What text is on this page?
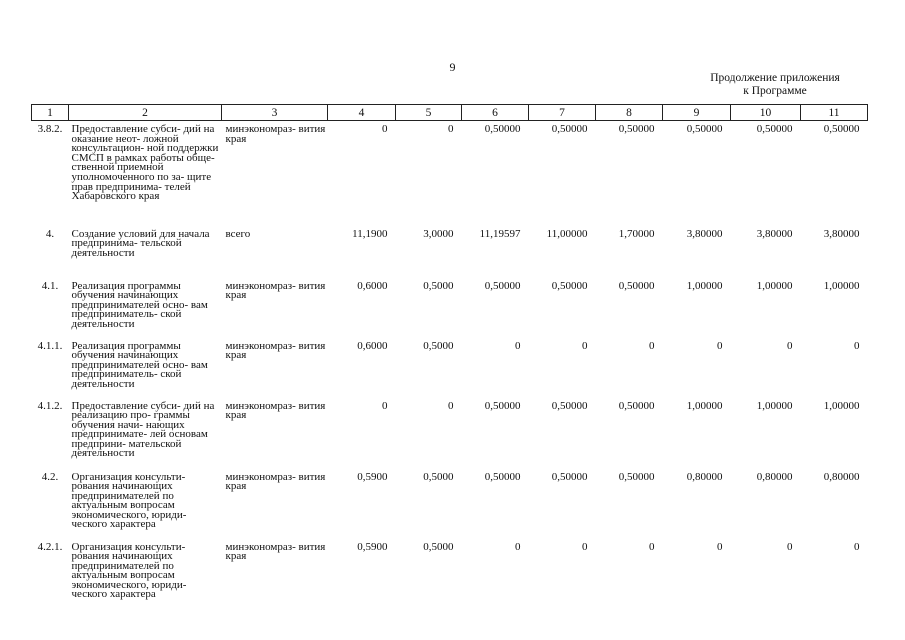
9
Продолжение приложения
к Программе
1	2	3	4	5	6	7	8	9	10	11
3.8.2.	Предоставление субси- дий на оказание неот- ложной консультацион- ной поддержки СМСП в рамках работы обще- ственной приемной уполномоченного по за- щите прав предпринима- телей Хабаровского края	минэкономраз- вития края	0	0	0,50000	0,50000	0,50000	0,50000	0,50000	0,50000
4.	Создание условий для начала предпринима- тельской деятельности	всего	11,1900	3,0000	11,19597	11,00000	1,70000	3,80000	3,80000	3,80000
4.1.	Реализация программы обучения начинающих предпринимателей осно- вам предприниматель- ской деятельности	минэкономраз- вития края	0,6000	0,5000	0,50000	0,50000	0,50000	1,00000	1,00000	1,00000
4.1.1.	Реализация программы обучения начинающих предпринимателей осно- вам предприниматель- ской деятельности	минэкономраз- вития края	0,6000	0,5000	0	0	0	0	0	0
4.1.2.	Предоставление субси- дий на реализацию про- граммы обучения начи- нающих предпринимате- лей основам предприни- мательской деятельности	минэкономраз- вития края	0	0	0,50000	0,50000	0,50000	1,00000	1,00000	1,00000
4.2.	Организация консульти- рования начинающих предпринимателей по актуальным вопросам экономического, юриди- ческого характера	минэкономраз- вития края	0,5900	0,5000	0,50000	0,50000	0,50000	0,80000	0,80000	0,80000
4.2.1.	Организация консульти- рования начинающих предпринимателей по актуальным вопросам экономического, юриди- ческого характера	минэкономраз- вития края	0,5900	0,5000	0	0	0	0	0	0
